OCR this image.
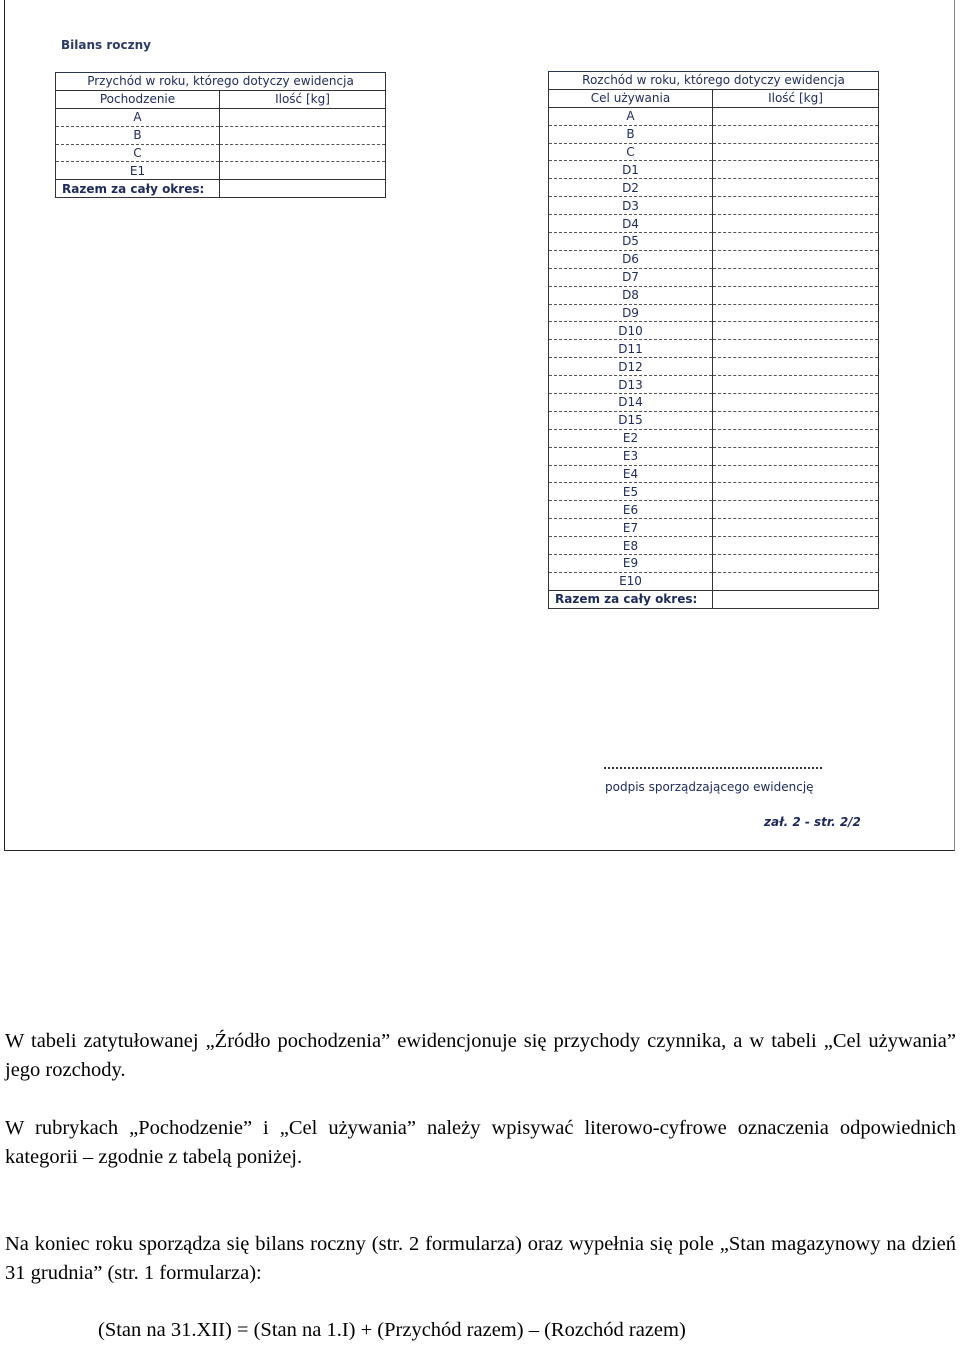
Bilans roczny
Przychód w roku, którego dotyczy ewidencja	
Pochodzenie	Ilość [kg]
A	
B	
C	
E1	
Razem za cały okres:	
Rozchód w roku, którego dotyczy ewidencja	
Cel używania	Ilość [kg]
A	
B	
C	
D1	
D2	
D3	
D4	
D5	
D6	
D7	
D8	
D9	
D10	
D11	
D12	
D13	
D14	
D15	
E2	
E3	
E4	
E5	
E6	
E7	
E8	
E9	
E10	
Razem za cały okres:	
podpis sporządzającego ewidencję
zał. 2 - str. 2/2

W tabeli zatytułowanej „Źródło pochodzenia” ewidencjonuje się przychody czynnika, a w tabeli „Cel używania” jego rozchody.

W rubrykach „Pochodzenie” i „Cel używania” należy wpisywać literowo-cyfrowe oznaczenia odpowiednich kategorii – zgodnie z tabelą poniżej.

Na koniec roku sporządza się bilans roczny (str. 2 formularza) oraz wypełnia się pole „Stan magazynowy na dzień 31 grudnia” (str. 1 formularza):

(Stan na 31.XII) = (Stan na 1.I) + (Przychód razem) – (Rozchód razem)
